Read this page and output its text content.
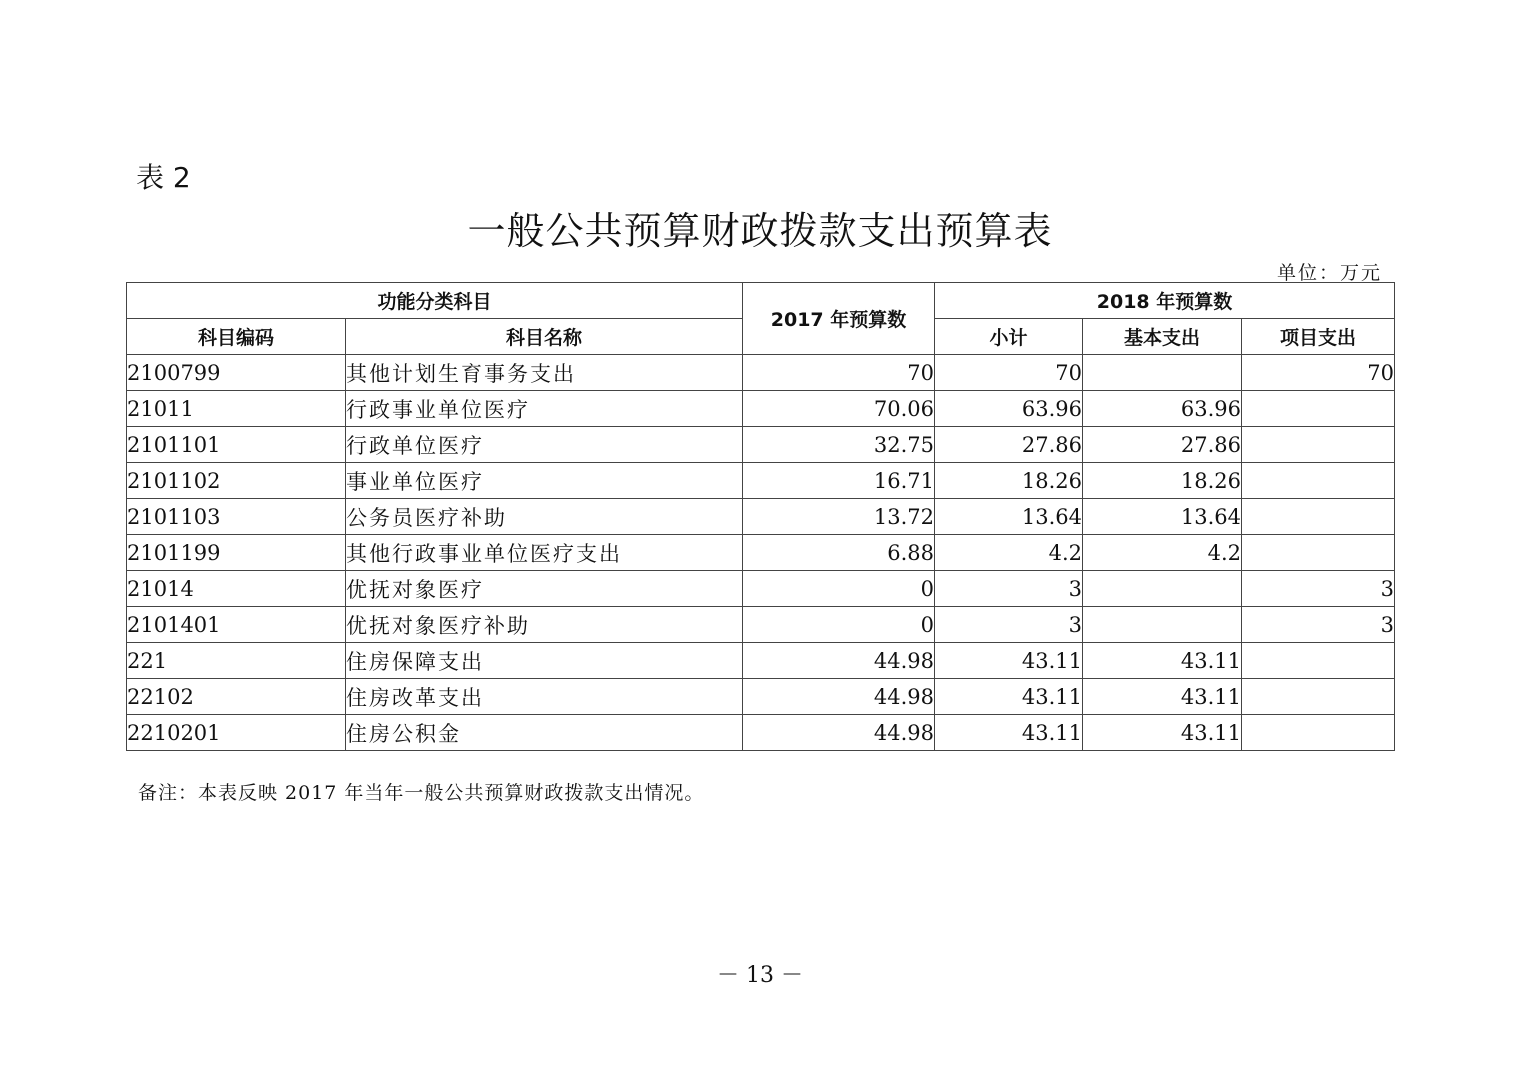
表 2
一般公共预算财政拨款支出预算表
单位：万元
功能分类科目		2017 年预算数	2018 年预算数		
科目编码	科目名称		小计	基本支出	项目支出
2100799	其他计划生育事务支出	70	70		70
21011	行政事业单位医疗	70.06	63.96	63.96	
2101101	行政单位医疗	32.75	27.86	27.86	
2101102	事业单位医疗	16.71	18.26	18.26	
2101103	公务员医疗补助	13.72	13.64	13.64	
2101199	其他行政事业单位医疗支出	6.88	4.2	4.2	
21014	优抚对象医疗	0	3		3
2101401	优抚对象医疗补助	0	3		3
221	住房保障支出	44.98	43.11	43.11	
22102	住房改革支出	44.98	43.11	43.11	
2210201	住房公积金	44.98	43.11	43.11	
备注：本表反映 2017 年当年一般公共预算财政拨款支出情况。
－ 13 －
